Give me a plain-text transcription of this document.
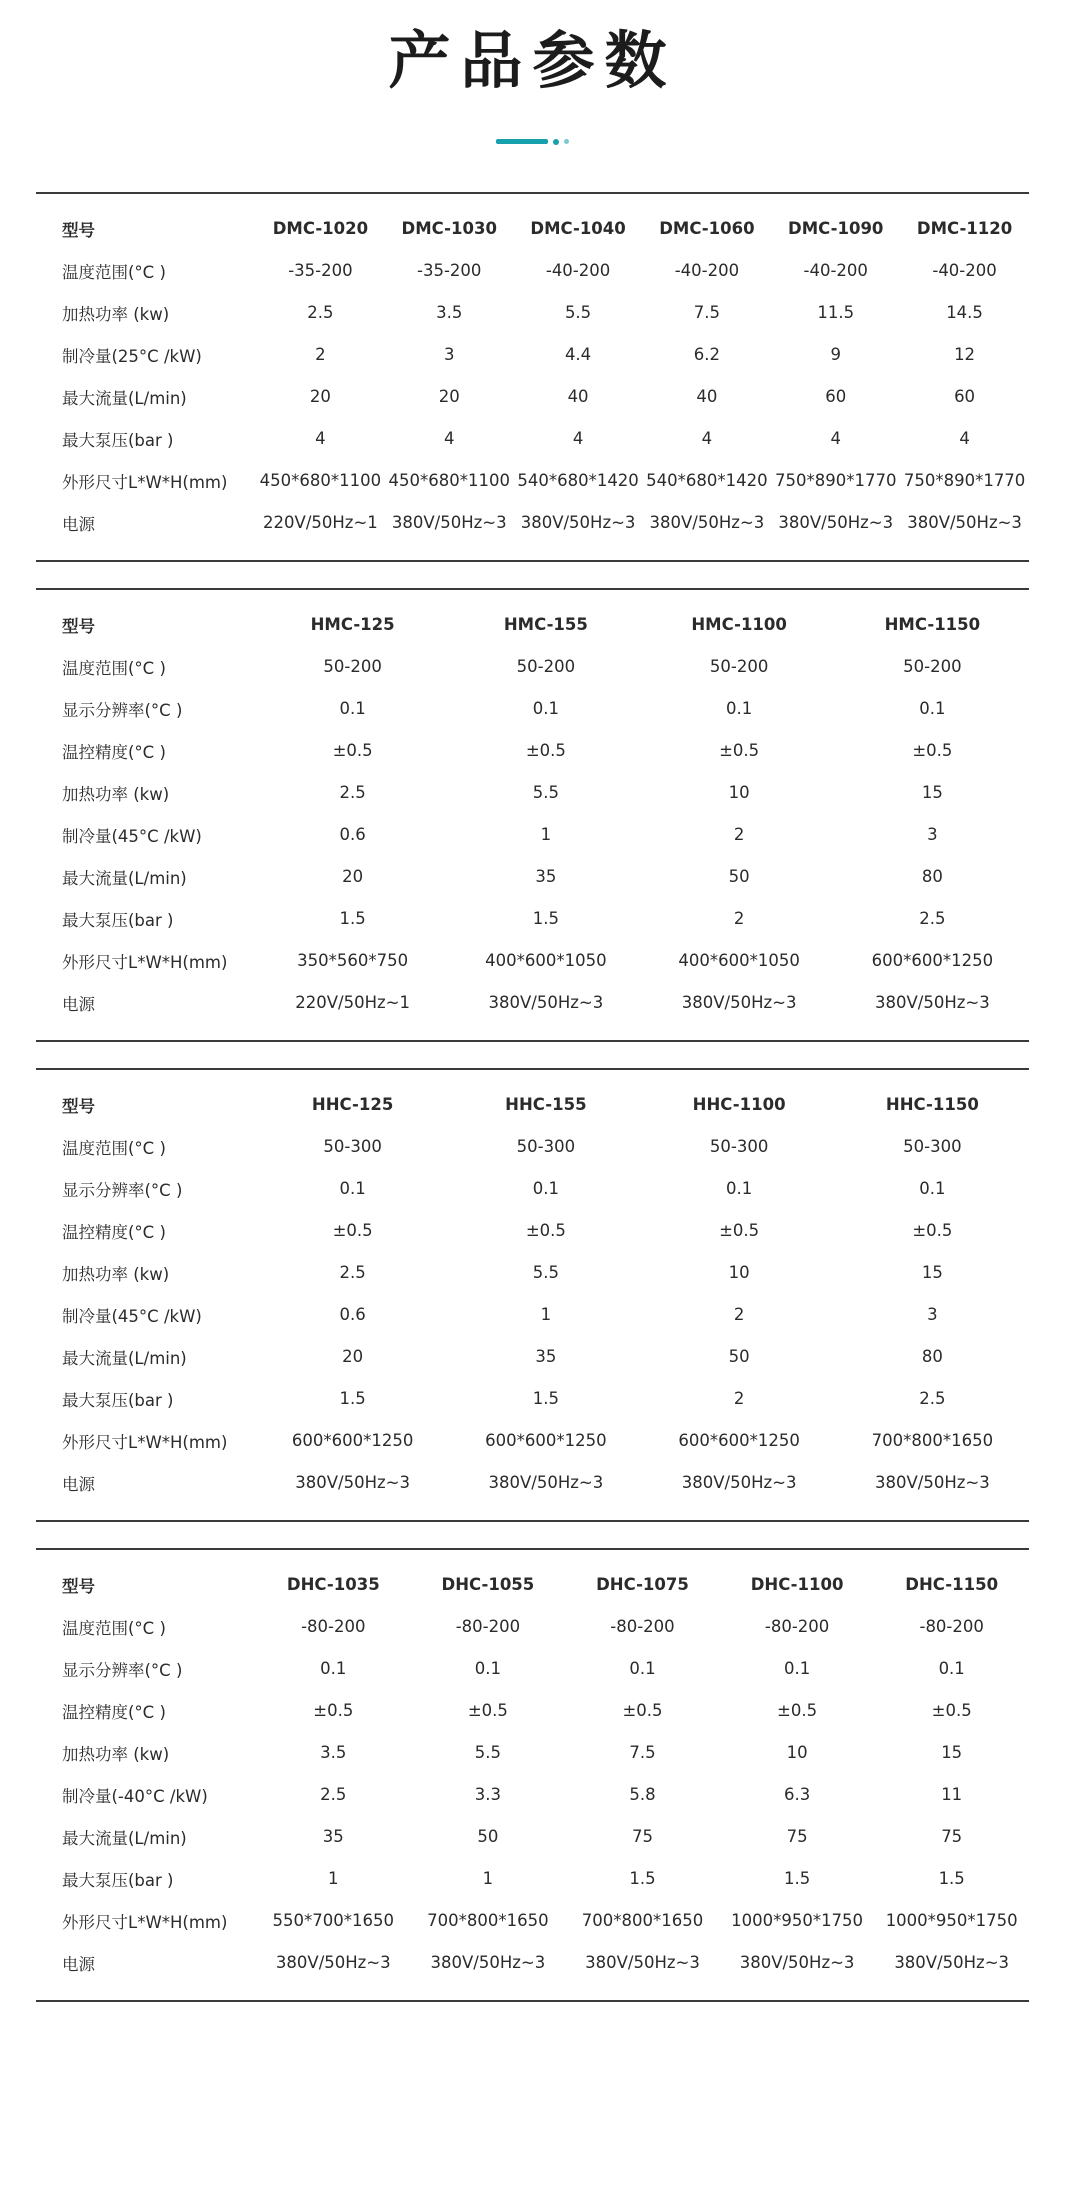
产品参数
型号	DMC-1020	DMC-1030	DMC-1040	DMC-1060	DMC-1090	DMC-1120
温度范围(°C )	-35-200	-35-200	-40-200	-40-200	-40-200	-40-200
加热功率 (kw)	2.5	3.5	5.5	7.5	11.5	14.5
制冷量(25°C /kW)	2	3	4.4	6.2	9	12
最大流量(L/min)	20	20	40	40	60	60
最大泵压(bar )	4	4	4	4	4	4
外形尺寸L*W*H(mm)	450*680*1100	450*680*1100	540*680*1420	540*680*1420	750*890*1770	750*890*1770
电源	220V/50Hz~1	380V/50Hz~3	380V/50Hz~3	380V/50Hz~3	380V/50Hz~3	380V/50Hz~3
型号	HMC-125	HMC-155	HMC-1100	HMC-1150
温度范围(°C )	50-200	50-200	50-200	50-200
显示分辨率(°C )	0.1	0.1	0.1	0.1
温控精度(°C )	±0.5	±0.5	±0.5	±0.5
加热功率 (kw)	2.5	5.5	10	15
制冷量(45°C /kW)	0.6	1	2	3
最大流量(L/min)	20	35	50	80
最大泵压(bar )	1.5	1.5	2	2.5
外形尺寸L*W*H(mm)	350*560*750	400*600*1050	400*600*1050	600*600*1250
电源	220V/50Hz~1	380V/50Hz~3	380V/50Hz~3	380V/50Hz~3
型号	HHC-125	HHC-155	HHC-1100	HHC-1150
温度范围(°C )	50-300	50-300	50-300	50-300
显示分辨率(°C )	0.1	0.1	0.1	0.1
温控精度(°C )	±0.5	±0.5	±0.5	±0.5
加热功率 (kw)	2.5	5.5	10	15
制冷量(45°C /kW)	0.6	1	2	3
最大流量(L/min)	20	35	50	80
最大泵压(bar )	1.5	1.5	2	2.5
外形尺寸L*W*H(mm)	600*600*1250	600*600*1250	600*600*1250	700*800*1650
电源	380V/50Hz~3	380V/50Hz~3	380V/50Hz~3	380V/50Hz~3
型号	DHC-1035	DHC-1055	DHC-1075	DHC-1100	DHC-1150
温度范围(°C )	-80-200	-80-200	-80-200	-80-200	-80-200
显示分辨率(°C )	0.1	0.1	0.1	0.1	0.1
温控精度(°C )	±0.5	±0.5	±0.5	±0.5	±0.5
加热功率 (kw)	3.5	5.5	7.5	10	15
制冷量(-40°C /kW)	2.5	3.3	5.8	6.3	11
最大流量(L/min)	35	50	75	75	75
最大泵压(bar )	1	1	1.5	1.5	1.5
外形尺寸L*W*H(mm)	550*700*1650	700*800*1650	700*800*1650	1000*950*1750	1000*950*1750
电源	380V/50Hz~3	380V/50Hz~3	380V/50Hz~3	380V/50Hz~3	380V/50Hz~3
